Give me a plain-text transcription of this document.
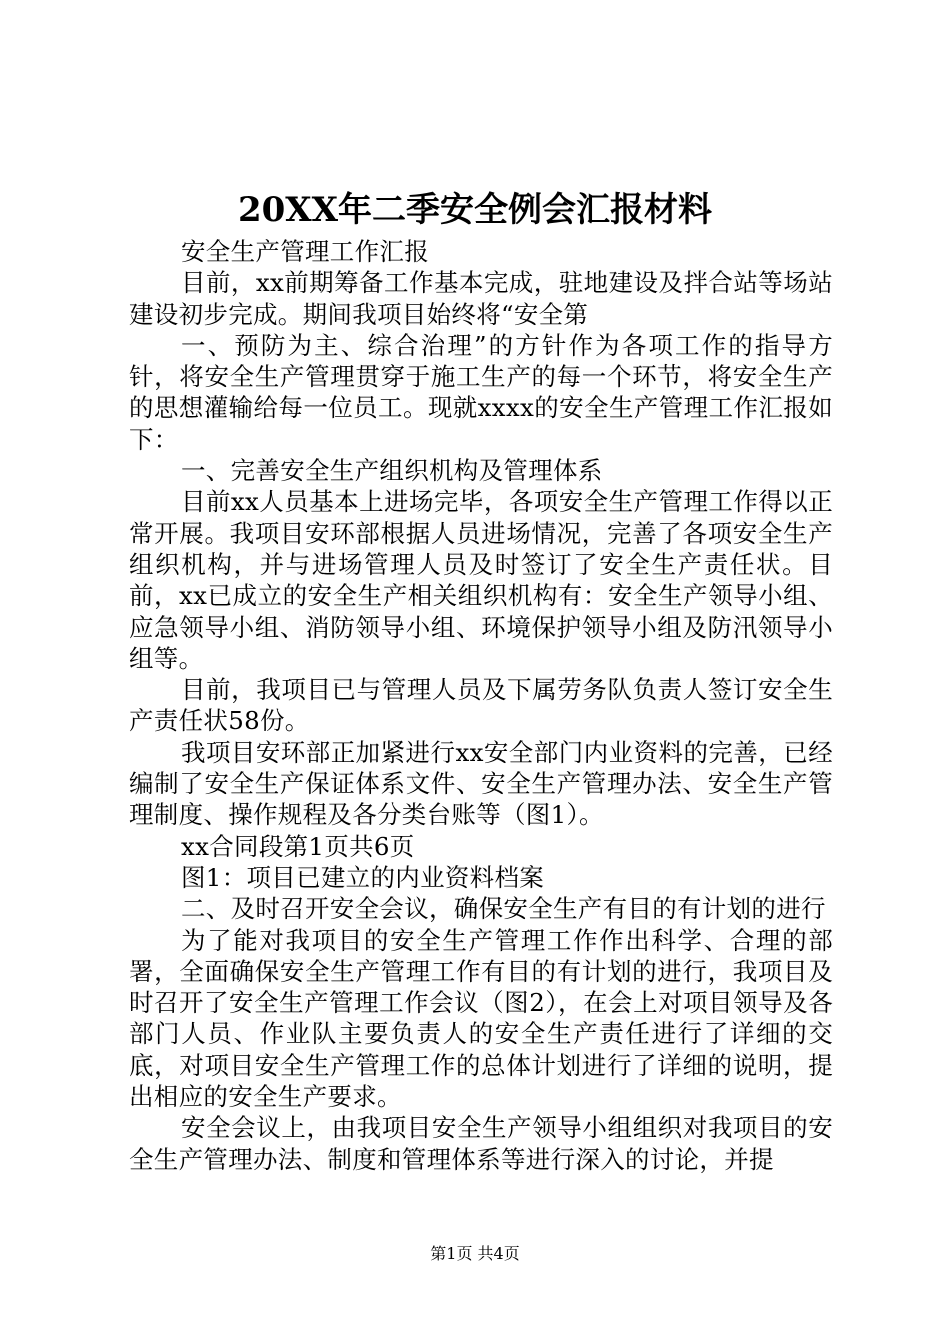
20XX年二季安全例会汇报材料

安全生产管理工作汇报

目前，xx前期筹备工作基本完成，驻地建设及拌合站等场站建设初步完成。期间我项目始终将“安全第

一、预防为主、综合治理”的方针作为各项工作的指导方针，将安全生产管理贯穿于施工生产的每一个环节，将安全生产的思想灌输给每一位员工。现就xxxx的安全生产管理工作汇报如下：

一、完善安全生产组织机构及管理体系

目前xx人员基本上进场完毕，各项安全生产管理工作得以正常开展。我项目安环部根据人员进场情况，完善了各项安全生产组织机构，并与进场管理人员及时签订了安全生产责任状。目前，xx已成立的安全生产相关组织机构有：安全生产领导小组、应急领导小组、消防领导小组、环境保护领导小组及防汛领导小组等。

目前，我项目已与管理人员及下属劳务队负责人签订安全生产责任状58份。

我项目安环部正加紧进行xx安全部门内业资料的完善，已经编制了安全生产保证体系文件、安全生产管理办法、安全生产管理制度、操作规程及各分类台账等（图1）。

xx合同段第1页共6页

图1：项目已建立的内业资料档案

二、及时召开安全会议，确保安全生产有目的有计划的进行

为了能对我项目的安全生产管理工作作出科学、合理的部署，全面确保安全生产管理工作有目的有计划的进行，我项目及时召开了安全生产管理工作会议（图2），在会上对项目领导及各部门人员、作业队主要负责人的安全生产责任进行了详细的交底，对项目安全生产管理工作的总体计划进行了详细的说明，提出相应的安全生产要求。

安全会议上，由我项目安全生产领导小组组织对我项目的安全生产管理办法、制度和管理体系等进行深入的讨论，并提

第1页 共4页
